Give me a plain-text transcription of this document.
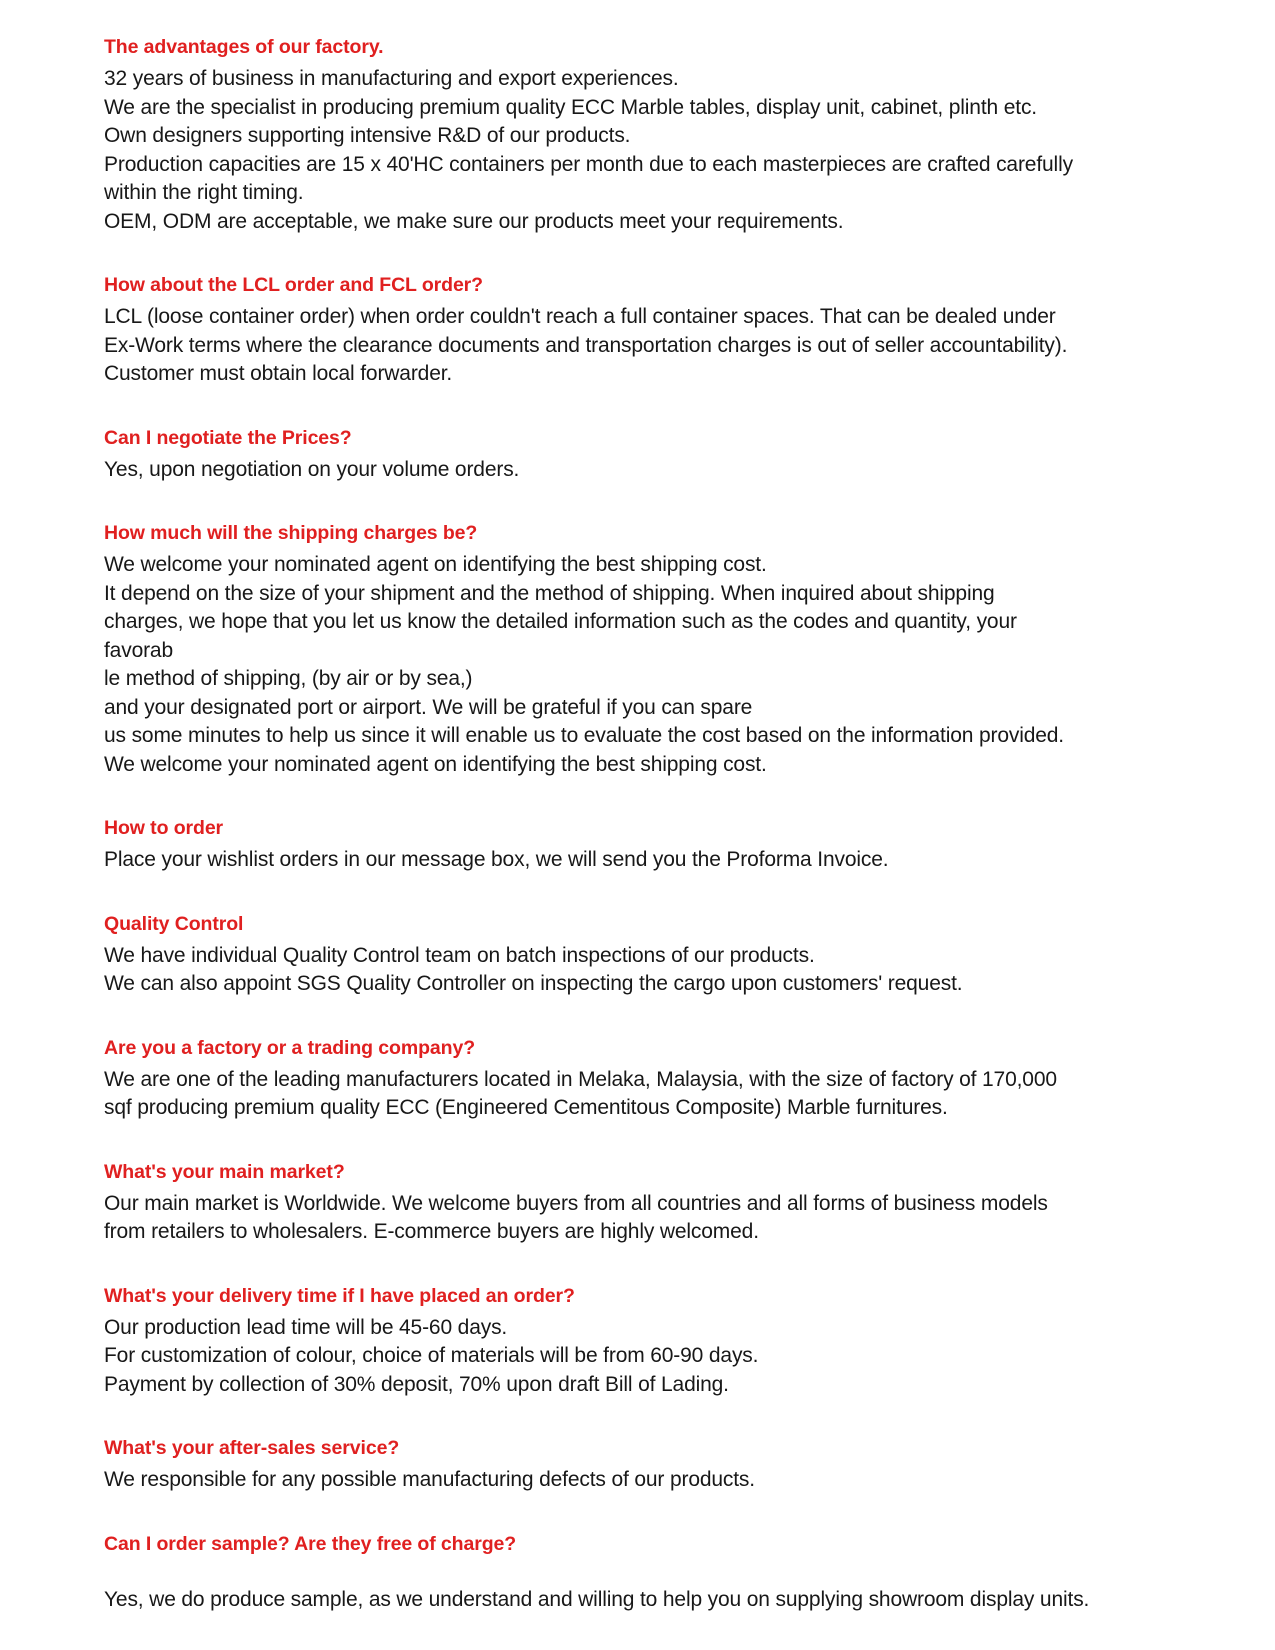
The advantages of our factory.

32 years of business in manufacturing and export experiences.

We are the specialist in producing premium quality ECC Marble tables, display unit, cabinet, plinth etc.

Own designers supporting intensive R&D of our products.

Production capacities are 15 x 40'HC containers per month due to each masterpieces are crafted carefully within the right timing.

OEM, ODM are acceptable, we make sure our products meet your requirements.

How about the LCL order and FCL order?

LCL (loose container order) when order couldn't reach a full container spaces. That can be dealed under Ex-Work terms where the clearance documents and transportation charges is out of seller accountability).

Customer must obtain local forwarder.

Can I negotiate the Prices?

Yes, upon negotiation on your volume orders.

How much will the shipping charges be?

We welcome your nominated agent on identifying the best shipping cost.

It depend on the size of your shipment and the method of shipping. When inquired about shipping

charges, we hope that you let us know the detailed information such as the codes and quantity, your favorab

le method of shipping, (by air or by sea,)

and your designated port or airport. We will be grateful if you can spare

us some minutes to help us since it will enable us to evaluate the cost based on the information provided.

We welcome your nominated agent on identifying the best shipping cost.

How to order

Place your wishlist orders in our message box, we will send you the Proforma Invoice.

Quality Control

We have individual Quality Control team on batch inspections of our products.

We can also appoint SGS Quality Controller on inspecting the cargo upon customers' request.

Are you a factory or a trading company?

We are one of the leading manufacturers located in Melaka, Malaysia, with the size of factory of 170,000 sqf producing premium quality ECC (Engineered Cementitous Composite) Marble furnitures.

What's your main market?

Our main market is Worldwide. We welcome buyers from all countries and all forms of business models from retailers to wholesalers. E-commerce buyers are highly welcomed.

What's your delivery time if I have placed an order?

Our production lead time will be 45-60 days.

For customization of colour, choice of materials will be from 60-90 days.

Payment by collection of 30% deposit, 70% upon draft Bill of Lading.

What's your after-sales service?

We responsible for any possible manufacturing defects of our products.

Can I order sample? Are they free of charge?

Yes, we do produce sample, as we understand and willing to help you on supplying showroom display units.
